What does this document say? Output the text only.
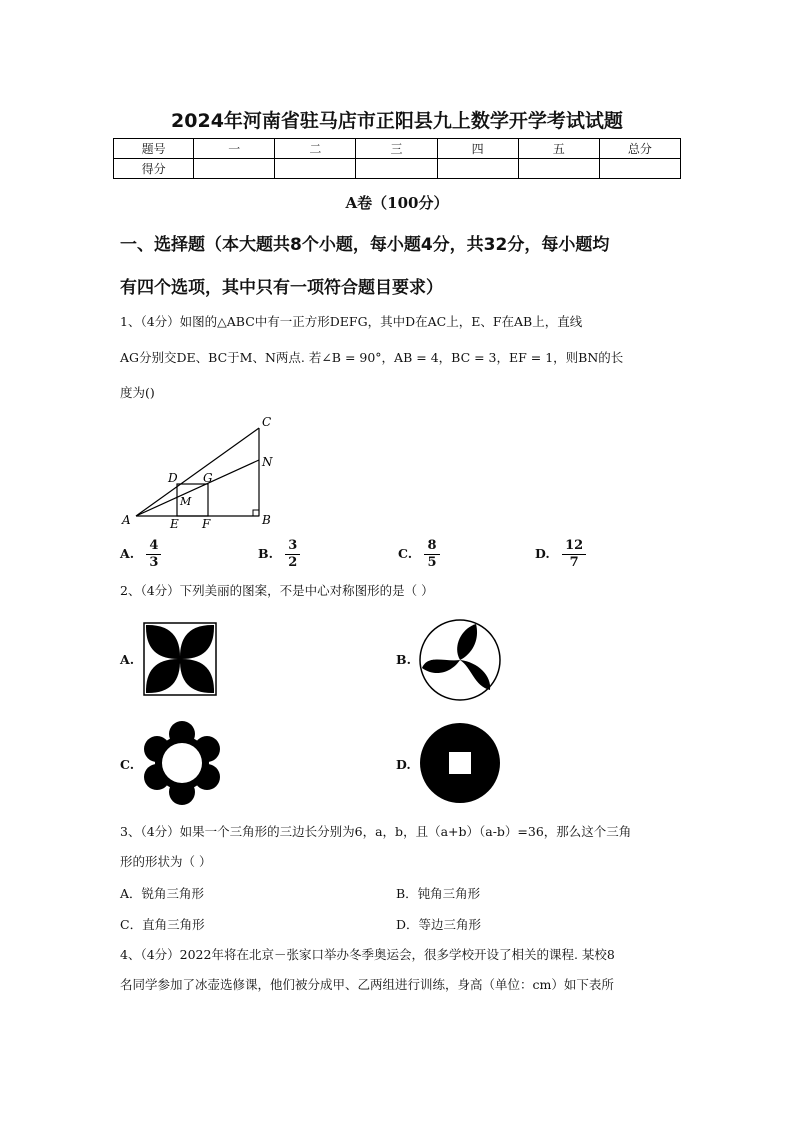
2024年河南省驻马店市正阳县九上数学开学考试试题
题号	一	二	三	四	五	总分
得分						
A卷（100分）
一、选择题（本大题共8个小题，每小题4分，共32分，每小题均
有四个选项，其中只有一项符合题目要求）
1、（4分）如图的△ABC中有一正方形DEFG，其中D在AC上，E、F在AB上，直线
AG分别交DE、BC于M、N两点. 若∠B = 90°，AB = 4，BC = 3，EF = 1，则BN的长
度为()
A	B
C
D
E F
G
M
N
A. $\frac{4}{3}$	B. $\frac{3}{2}$	C. $\frac{8}{5}$	D. $\frac{12}{7}$
2、（4分）下列美丽的图案，不是中心对称图形的是（ ）
A.	B.
C.	D.
3、（4分）如果一个三角形的三边长分别为6，a，b，且（a+b）（a-b）=36，那么这个三角
形的形状为（ ）
A．锐角三角形	B．钝角三角形
C．直角三角形	D．等边三角形
4、（4分）2022年将在北京－张家口举办冬季奥运会，很多学校开设了相关的课程. 某校8
名同学参加了冰壶选修课，他们被分成甲、乙两组进行训练，身高（单位：cm）如下表所
